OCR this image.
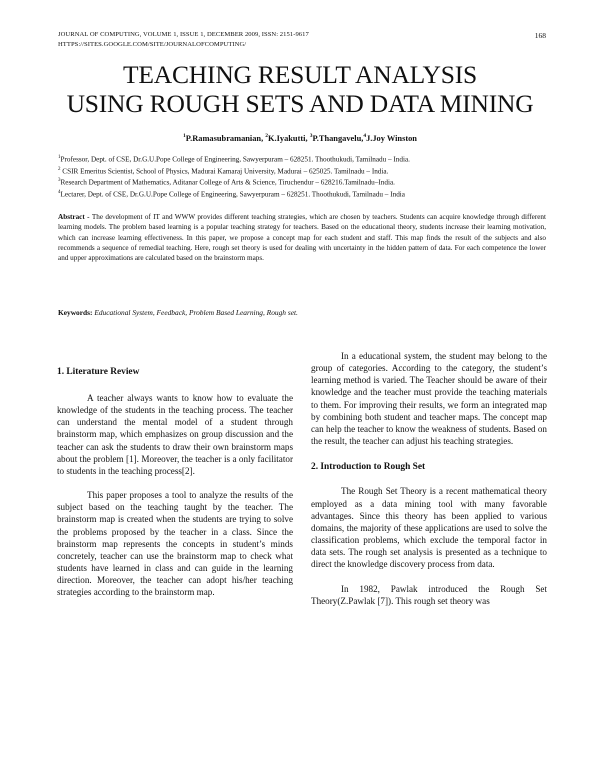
JOURNAL OF COMPUTING, VOLUME 1, ISSUE 1, DECEMBER 2009, ISSN: 2151-9617
HTTPS://SITES.GOOGLE.COM/SITE/JOURNALOFCOMPUTING/
168
TEACHING RESULT ANALYSIS
USING ROUGH SETS AND DATA MINING
$^1$P.Ramasubramanian, $^2$K.Iyakutti, $^3$P.Thangavelu,$^4$J.Joy Winston
$^1$Professor, Dept. of CSE, Dr.G.U.Pope College of Engineering, Sawyerpuram – 628251. Thoothukudi, Tamilnadu – India.
$^2$ CSIR Emeritus Scientist, School of Physics, Madurai Kamaraj University, Madurai – 625025. Tamilnadu – India.
$^3$Research Department of Mathematics, Aditanar College of Arts & Science, Tiruchendur – 628216.Tamilnadu–India.
$^4$Lectarer, Dept. of CSE, Dr.G.U.Pope College of Engineering, Sawyerpuram – 628251. Thoothukudi, Tamilnadu – India
Abstract - The development of IT and WWW provides different teaching strategies, which are chosen by teachers. Students can acquire knowledge through different learning models. The problem based learning is a popular teaching strategy for teachers. Based on the educational theory, students increase their learning motivation, which can increase learning effectiveness. In this paper, we propose a concept map for each student and staff. This map finds the result of the subjects and also recommends a sequence of remedial teaching. Here, rough set theory is used for dealing with uncertainty in the hidden pattern of data. For each competence the lower and upper approximations are calculated based on the brainstorm maps.
Keywords: Educational System, Feedback, Problem Based Learning, Rough set.
1. Literature Review

A teacher always wants to know how to evaluate the knowledge of the students in the teaching process. The teacher can understand the mental model of a student through brainstorm map, which emphasizes on group discussion and the teacher can ask the students to draw their own brainstorm maps about the problem [1]. Moreover, the teacher is a only facilitator to students in the teaching process[2].

This paper proposes a tool to analyze the results of the subject based on the teaching taught by the teacher. The brainstorm map is created when the students are trying to solve the problems proposed by the teacher in a class. Since the brainstorm map represents the concepts in student’s minds concretely, teacher can use the brainstorm map to check what students have learned in class and can guide in the learning direction. Moreover, the teacher can adopt his/her teaching strategies according to the brainstorm map.

In a educational system, the student may belong to the group of categories. According to the category, the student’s learning method is varied. The Teacher should be aware of their knowledge and the teacher must provide the teaching materials to them. For improving their results, we form an integrated map by combining both student and teacher maps. The concept map can help the teacher to know the weakness of students. Based on the result, the teacher can adjust his teaching strategies.

2. Introduction to Rough Set

The Rough Set Theory is a recent mathematical theory employed as a data mining tool with many favorable advantages. Since this theory has been applied to various domains, the majority of these applications are used to solve the classification problems, which exclude the temporal factor in data sets. The rough set analysis is presented as a technique to direct the knowledge discovery process from data.

In 1982, Pawlak introduced the Rough Set Theory(Z.Pawlak [7]). This rough set theory was
